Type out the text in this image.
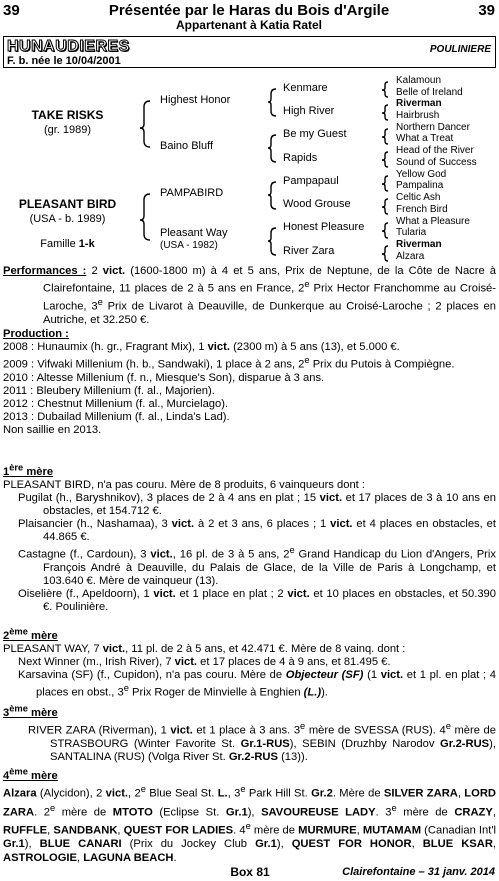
39	Présentée par le Haras du Bois d'Argile	39
Appartenant à Katia Ratel
HUNAUDIERES
F. b. née le 10/04/2001
POULINIERE
TAKE RISKS
(gr. 1989)
PLEASANT BIRD
(USA - b. 1989)
Famille 1-k
Highest Honor
Baino Bluff
PAMPABIRD
Pleasant Way
(USA - 1982)
Kenmare
High River
Be my Guest
Rapids
Pampapaul
Wood Grouse
Honest Pleasure
River Zara
Kalamoun
Belle of Ireland
Riverman
Hairbrush
Northern Dancer
What a Treat
Head of the River
Sound of Success
Yellow God
Pampalina
Celtic Ash
French Bird
What a Pleasure
Tularia
Riverman
Alzara

Performances : 2 vict. (1600-1800 m) à 4 et 5 ans, Prix de Neptune, de la Côte de Nacre à Clairefontaine, 11 places de 2 à 5 ans en France, 2e Prix Hector Franchomme au Croisé-Laroche, 3e Prix de Livarot à Deauville, de Dunkerque au Croisé-Laroche ; 2 places en Autriche, et 32.250 €.

Production :

2008 : Hunaumix (h. gr., Fragrant Mix), 1 vict. (2300 m) à 5 ans (13), et 5.000 €.

2009 : Vifwaki Millenium (h. b., Sandwaki), 1 place à 2 ans, 2e Prix du Putois à Compiègne.

2010 : Altesse Millenium (f. n., Miesque's Son), disparue à 3 ans.

2011 : Bleubery Millenium (f. al., Majorien).

2012 : Chestnut Millenium (f. al., Murcielago).

2013 : Dubailad Millenium (f. al., Linda's Lad).

Non saillie en 2013.

1ère mère

PLEASANT BIRD, n'a pas couru. Mère de 8 produits, 6 vainqueurs dont :

Pugilat (h., Baryshnikov), 3 places de 2 à 4 ans en plat ; 15 vict. et 17 places de 3 à 10 ans en obstacles, et 154.712 €.

Plaisancier (h., Nashamaa), 3 vict. à 2 et 3 ans, 6 places ; 1 vict. et 4 places en obstacles, et 44.865 €.

Castagne (f., Cardoun), 3 vict., 16 pl. de 3 à 5 ans, 2e Grand Handicap du Lion d'Angers, Prix François André à Deauville, du Palais de Glace, de la Ville de Paris à Longchamp, et 103.640 €. Mère de vainqueur (13).

Oiselière (f., Apeldoorn), 1 vict. et 1 place en plat ; 2 vict. et 10 places en obstacles, et 50.390 €. Poulinière.

2ème mère

PLEASANT WAY, 7 vict., 11 pl. de 2 à 5 ans, et 42.471 €. Mère de 8 vainq. dont :

Next Winner (m., Irish River), 7 vict. et 17 places de 4 à 9 ans, et 81.495 €.

Karsavina (SF) (f., Cupidon), n'a pas couru. Mère de Objecteur (SF) (1 vict. et 1 pl. en plat ; 4 places en obst., 3e Prix Roger de Minvielle à Enghien (L.)).

3ème mère

RIVER ZARA (Riverman), 1 vict. et 1 place à 3 ans. 3e mère de SVESSA (RUS). 4e mère de STRASBOURG (Winter Favorite St. Gr.1-RUS), SEBIN (Druzhby Narodov Gr.2-RUS), SANTALINA (RUS) (Volga River St. Gr.2-RUS (13)).

4ème mère

Alzara (Alycidon), 2 vict., 2e Blue Seal St. L., 3e Park Hill St. Gr.2. Mère de SILVER ZARA, LORD ZARA. 2e mère de MTOTO (Eclipse St. Gr.1), SAVOUREUSE LADY. 3e mère de CRAZY, RUFFLE, SANDBANK, QUEST FOR LADIES. 4e mère de MURMURE, MUTAMAM (Canadian Int'l Gr.1), BLUE CANARI (Prix du Jockey Club Gr.1), QUEST FOR HONOR, BLUE KSAR, ASTROLOGIE, LAGUNA BEACH.

Box 81	Clairefontaine – 31 janv. 2014
